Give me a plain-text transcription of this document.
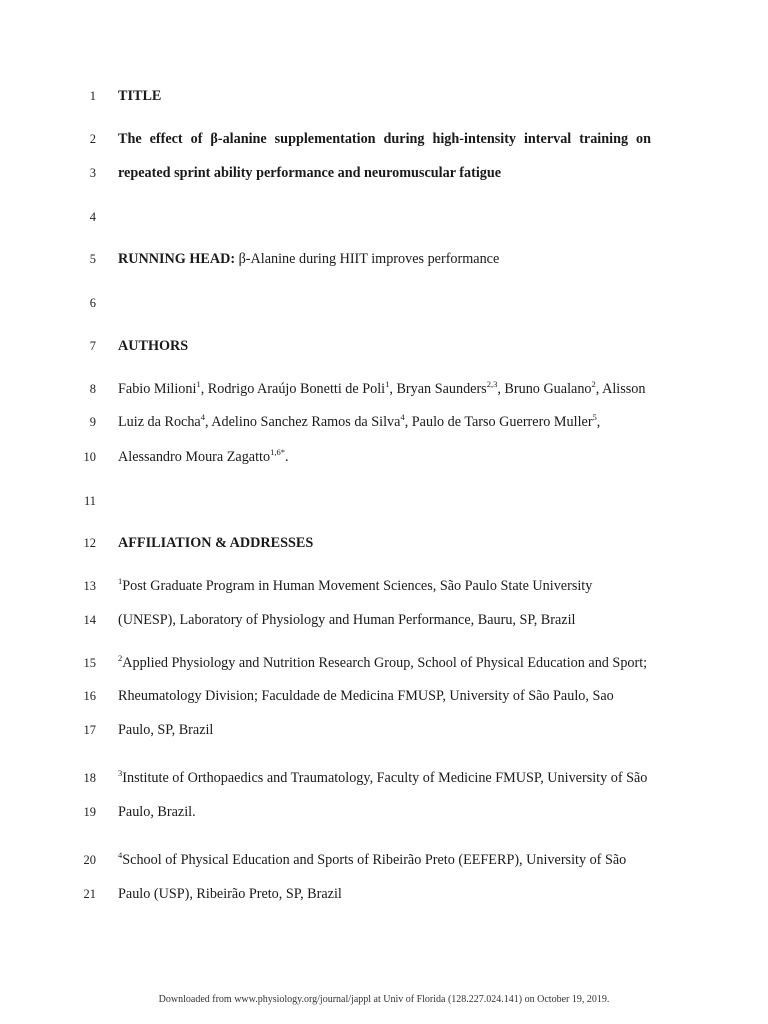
1 TITLE
2 The effect of β-alanine supplementation during high-intensity interval training on
3 repeated sprint ability performance and neuromuscular fatigue
4
5 RUNNING HEAD: β-Alanine during HIIT improves performance
6
7 AUTHORS
8 Fabio Milioni$^1$, Rodrigo Araújo Bonetti de Poli$^1$, Bryan Saunders$^{2,3}$, Bruno Gualano$^2$, Alisson
9 Luiz da Rocha$^4$, Adelino Sanchez Ramos da Silva$^4$, Paulo de Tarso Guerrero Muller$^5$,
10 Alessandro Moura Zagatto$^{1,6*}$.
11
12 AFFILIATION & ADDRESSES
13	$^1$Post Graduate Program in Human Movement Sciences, São Paulo State University
14 (UNESP), Laboratory of Physiology and Human Performance, Bauru, SP, Brazil
15	$^2$Applied Physiology and Nutrition Research Group, School of Physical Education and Sport;
16 Rheumatology Division; Faculdade de Medicina FMUSP, University of São Paulo, Sao
17 Paulo, SP, Brazil
18	$^3$Institute of Orthopaedics and Traumatology, Faculty of Medicine FMUSP, University of São
19 Paulo, Brazil.
20	$^4$School of Physical Education and Sports of Ribeirão Preto (EEFERP), University of São
21 Paulo (USP), Ribeirão Preto, SP, Brazil
Downloaded from www.physiology.org/journal/jappl at Univ of Florida (128.227.024.141) on October 19, 2019.
